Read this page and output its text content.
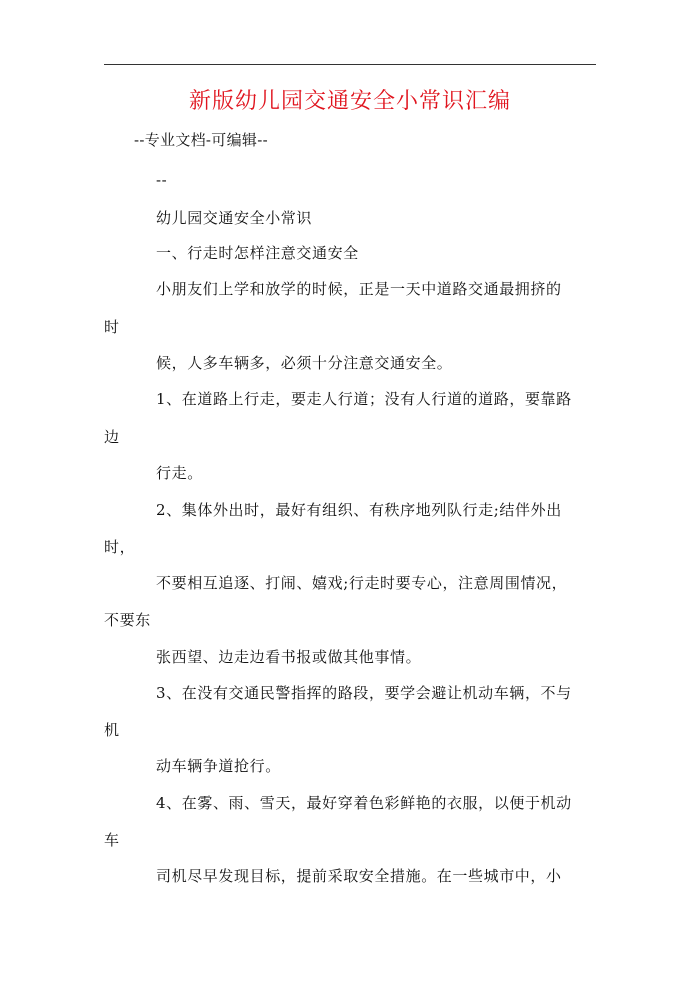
新版幼儿园交通安全小常识汇编
--专业文档-可编辑--
--
幼儿园交通安全小常识
一、行走时怎样注意交通安全
小朋友们上学和放学的时候，正是一天中道路交通最拥挤的
时
候，人多车辆多，必须十分注意交通安全。
1、在道路上行走，要走人行道；没有人行道的道路，要靠路
边
行走。
2、集体外出时，最好有组织、有秩序地列队行走;结伴外出
时，
不要相互追逐、打闹、嬉戏;行走时要专心，注意周围情况，
不要东
张西望、边走边看书报或做其他事情。
3、在没有交通民警指挥的路段，要学会避让机动车辆，不与
机
动车辆争道抢行。
4、在雾、雨、雪天，最好穿着色彩鲜艳的衣服，以便于机动
车
司机尽早发现目标，提前采取安全措施。在一些城市中，小
